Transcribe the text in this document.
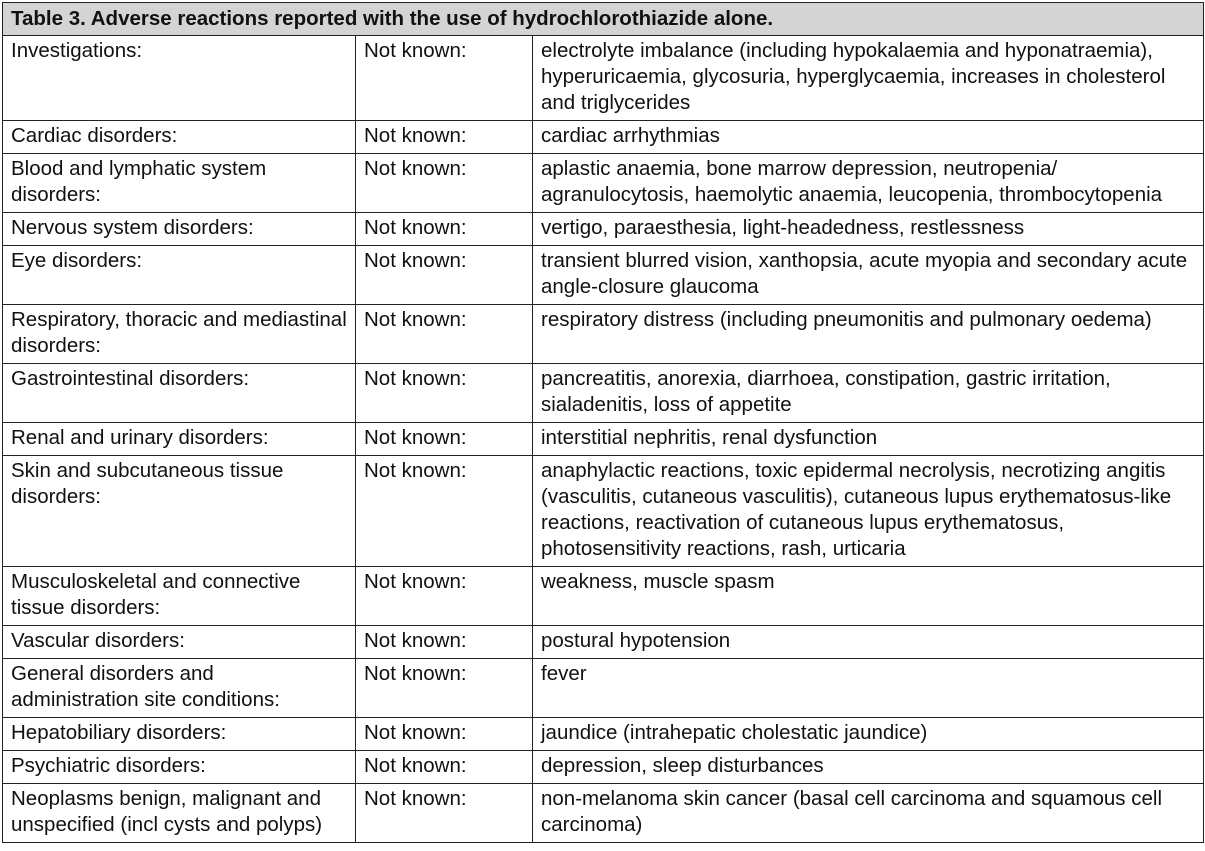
Table 3. Adverse reactions reported with the use of hydrochlorothiazide alone.		
Investigations:	Not known:	electrolyte imbalance (including hypokalaemia and hyponatraemia), hyperuricaemia, glycosuria, hyperglycaemia, increases in cholesterol and triglycerides
Cardiac disorders:	Not known:	cardiac arrhythmias
Blood and lymphatic system disorders:	Not known:	aplastic anaemia, bone marrow depression, neutropenia/ agranulocytosis, haemolytic anaemia, leucopenia, thrombocytopenia
Nervous system disorders:	Not known:	vertigo, paraesthesia, light-headedness, restlessness
Eye disorders:	Not known:	transient blurred vision, xanthopsia, acute myopia and secondary acute angle-closure glaucoma
Respiratory, thoracic and mediastinal disorders:	Not known:	respiratory distress (including pneumonitis and pulmonary oedema)
Gastrointestinal disorders:	Not known:	pancreatitis, anorexia, diarrhoea, constipation, gastric irritation, sialadenitis, loss of appetite
Renal and urinary disorders:	Not known:	interstitial nephritis, renal dysfunction
Skin and subcutaneous tissue disorders:	Not known:	anaphylactic reactions, toxic epidermal necrolysis, necrotizing angitis (vasculitis, cutaneous vasculitis), cutaneous lupus erythematosus-like reactions, reactivation of cutaneous lupus erythematosus, photosensitivity reactions, rash, urticaria
Musculoskeletal and connective tissue disorders:	Not known:	weakness, muscle spasm
Vascular disorders:	Not known:	postural hypotension
General disorders and administration site conditions:	Not known:	fever
Hepatobiliary disorders:	Not known:	jaundice (intrahepatic cholestatic jaundice)
Psychiatric disorders:	Not known:	depression, sleep disturbances
Neoplasms benign, malignant and unspecified (incl cysts and polyps)	Not known:	non-melanoma skin cancer (basal cell carcinoma and squamous cell carcinoma)
